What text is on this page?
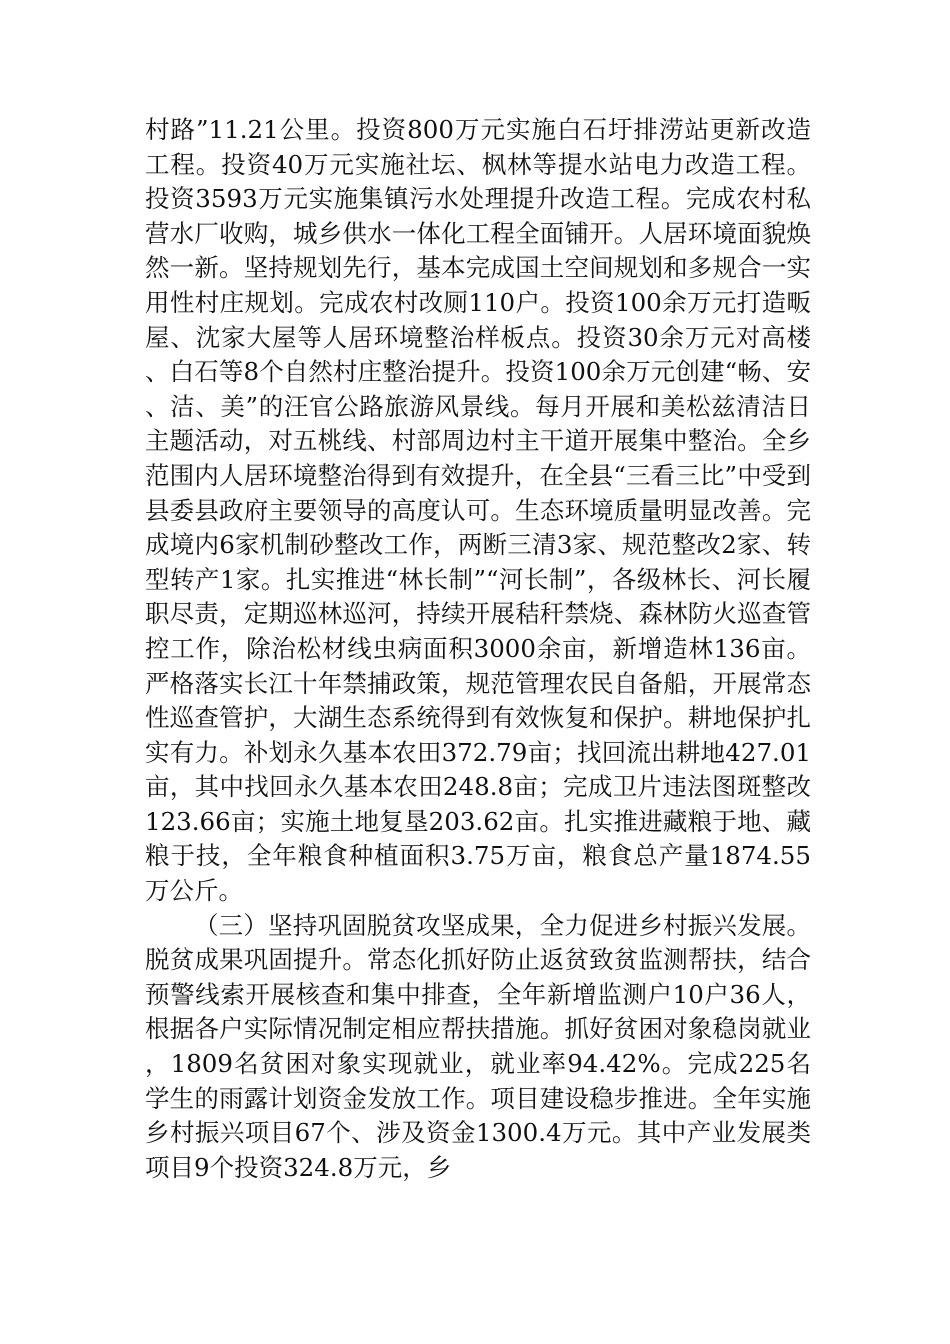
村路”11.21公里。投资800万元实施白石圩排涝站更新改造工程。投资40万元实施社坛、枫林等提水站电力改造工程。投资3593万元实施集镇污水处理提升改造工程。完成农村私营水厂收购，城乡供水一体化工程全面铺开。人居环境面貌焕然一新。坚持规划先行，基本完成国土空间规划和多规合一实用性村庄规划。完成农村改厕110户。投资100余万元打造畈屋、沈家大屋等人居环境整治样板点。投资30余万元对高楼、白石等8个自然村庄整治提升。投资100余万元创建“畅、安、洁、美”的汪官公路旅游风景线。每月开展和美松兹清洁日主题活动，对五桃线、村部周边村主干道开展集中整治。全乡范围内人居环境整治得到有效提升，在全县“三看三比”中受到县委县政府主要领导的高度认可。生态环境质量明显改善。完成境内6家机制砂整改工作，两断三清3家、规范整改2家、转型转产1家。扎实推进“林长制”“河长制”，各级林长、河长履职尽责，定期巡林巡河，持续开展秸秆禁烧、森林防火巡查管控工作，除治松材线虫病面积3000余亩，新增造林136亩。严格落实长江十年禁捕政策，规范管理农民自备船，开展常态性巡查管护，大湖生态系统得到有效恢复和保护。耕地保护扎实有力。补划永久基本农田372.79亩；找回流出耕地427.01亩，其中找回永久基本农田248.8亩；完成卫片违法图斑整改123.66亩；实施土地复垦203.62亩。扎实推进藏粮于地、藏粮于技，全年粮食种植面积3.75万亩，粮食总产量1874.55万公斤。

（三）坚持巩固脱贫攻坚成果，全力促进乡村振兴发展。脱贫成果巩固提升。常态化抓好防止返贫致贫监测帮扶，结合预警线索开展核查和集中排查，全年新增监测户10户36人，根据各户实际情况制定相应帮扶措施。抓好贫困对象稳岗就业，1809名贫困对象实现就业，就业率94.42%。完成225名学生的雨露计划资金发放工作。项目建设稳步推进。全年实施乡村振兴项目67个、涉及资金1300.4万元。其中产业发展类项目9个投资324.8万元，乡
